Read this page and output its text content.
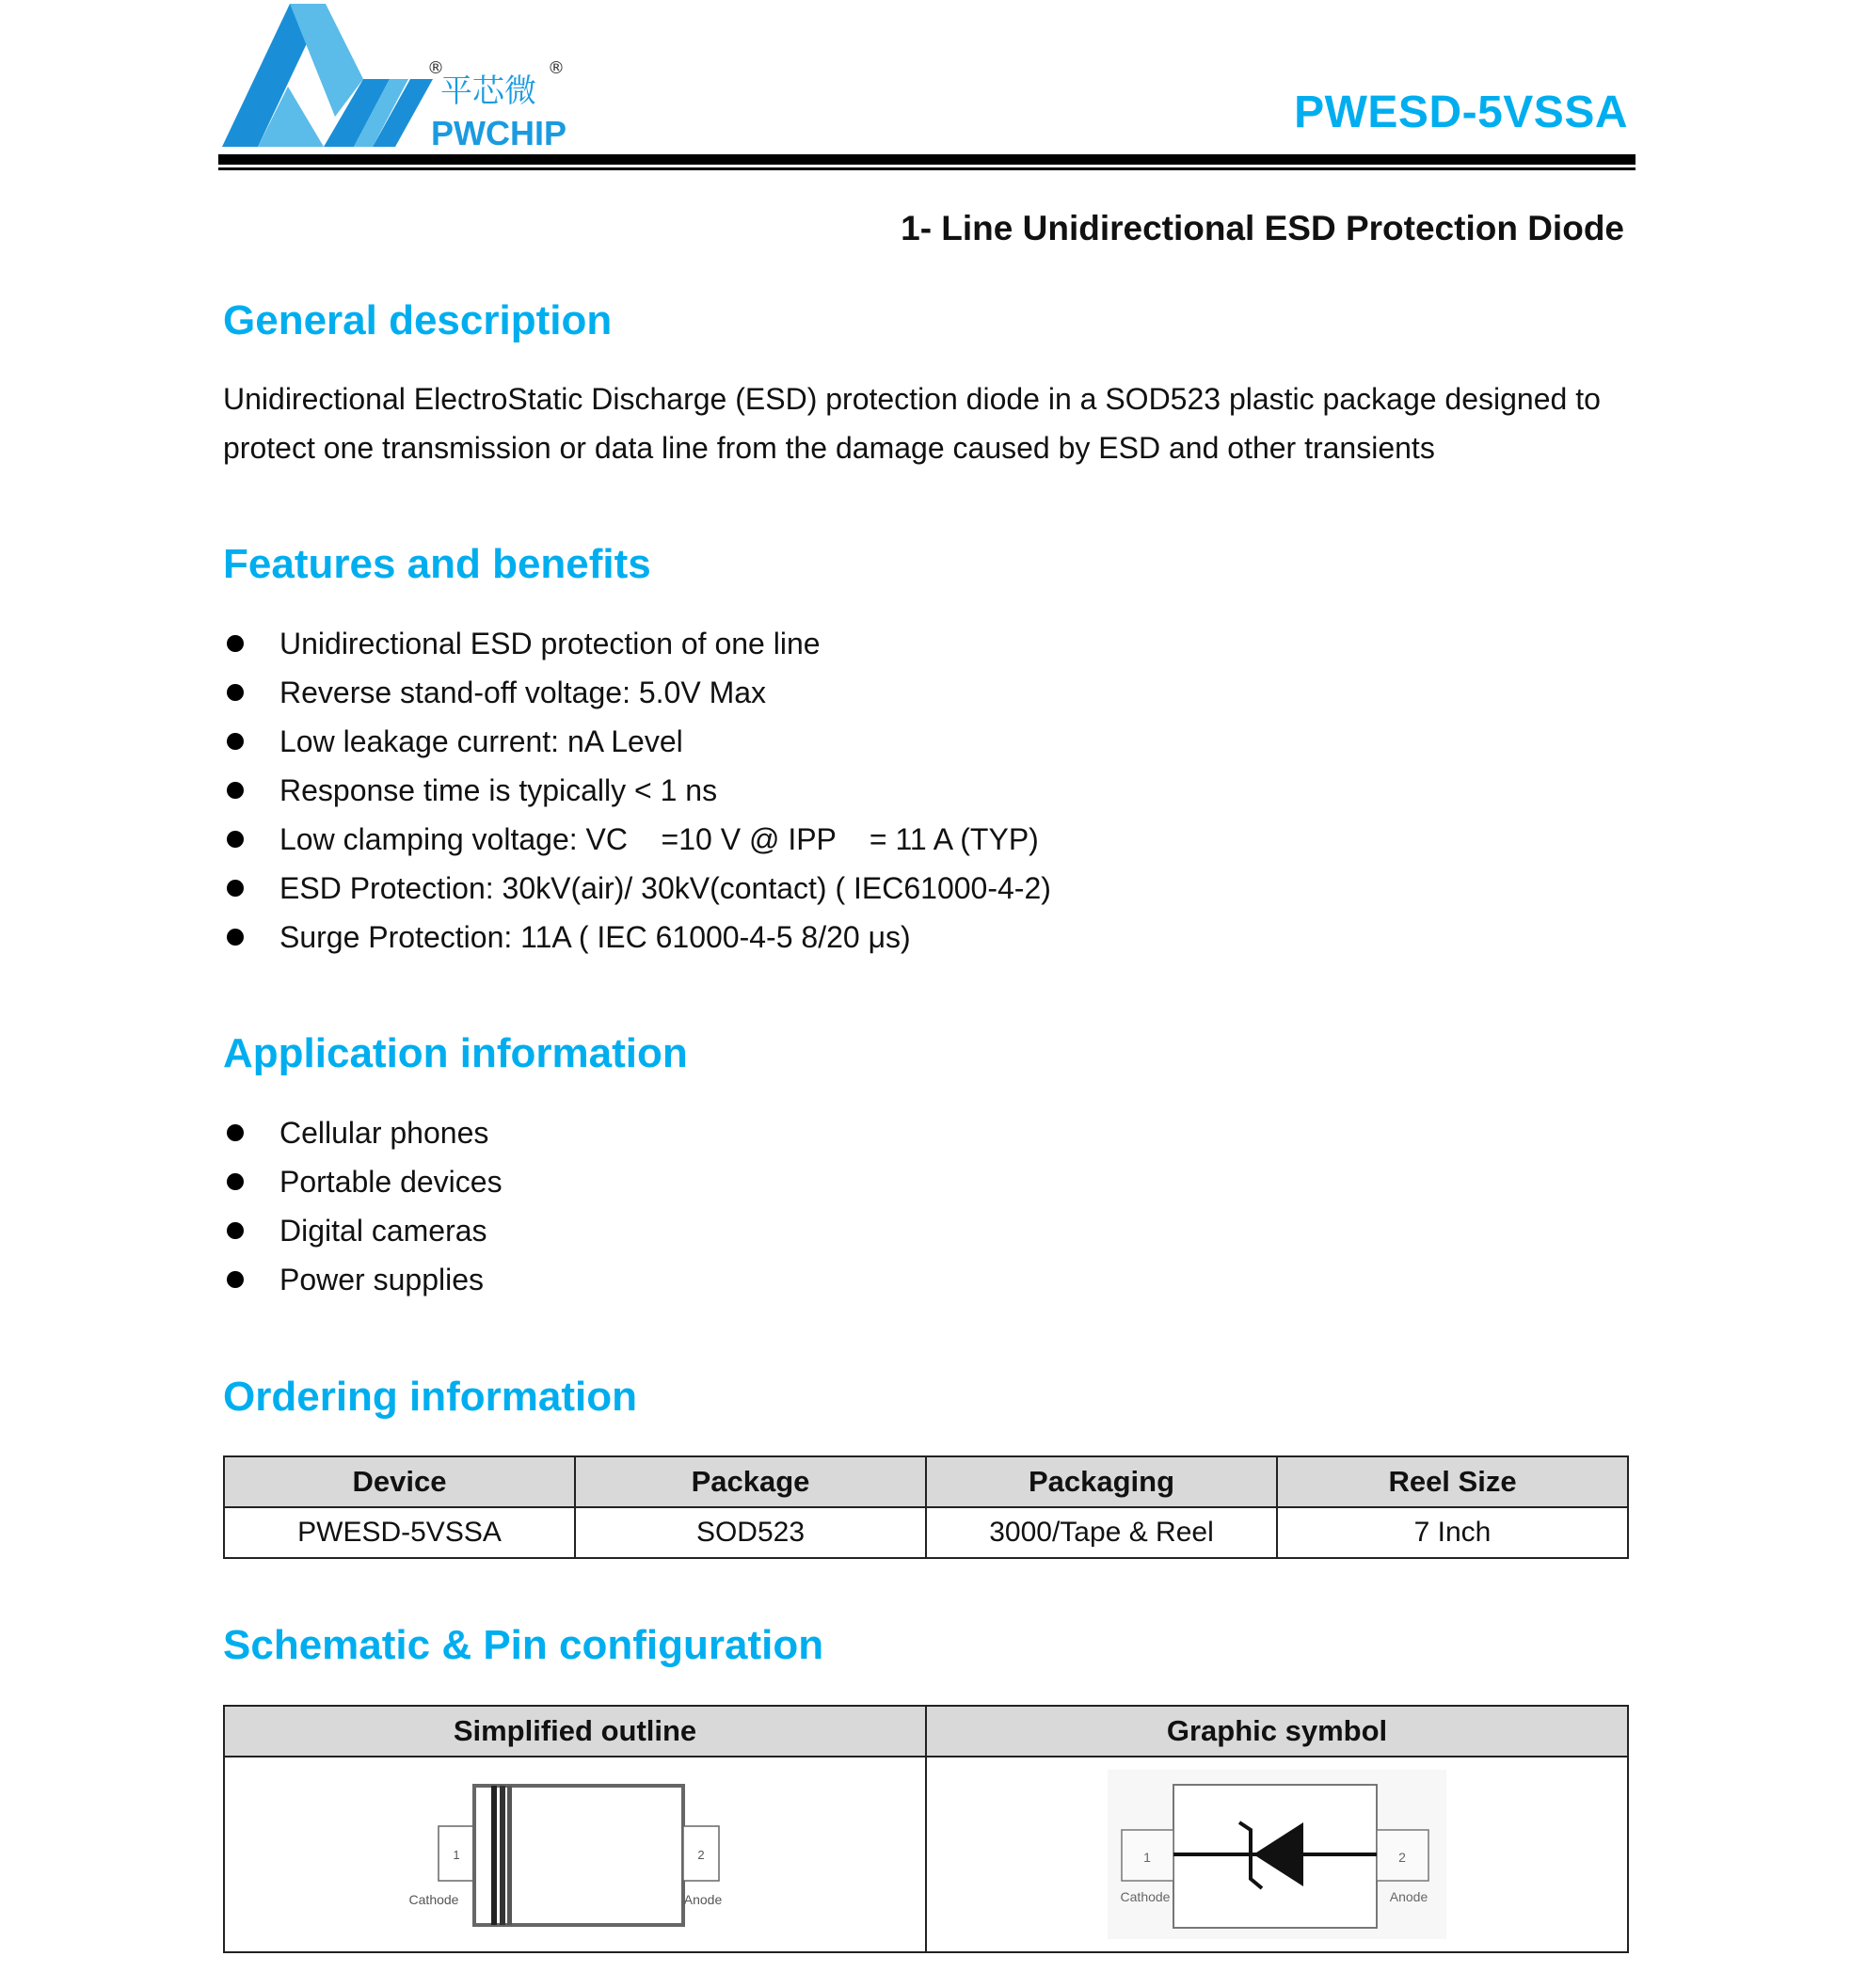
®	®
平芯微
PWCHIP	PWESD-5VSSA
1- Line Unidirectional ESD Protection Diode
General description
Unidirectional ElectroStatic Discharge (ESD) protection diode in a SOD523 plastic package designed to protect one transmission or data line from the damage caused by ESD and other transients
Features and benefits
Unidirectional ESD protection of one line
Reverse stand-off voltage: 5.0V Max
Low leakage current: nA Level
Response time is typically < 1 ns
Low clamping voltage: VC    =10 V @ IPP    = 11 A (TYP)
ESD Protection: 30kV(air)/ 30kV(contact) ( IEC61000-4-2)
Surge Protection: 11A ( IEC 61000-4-5 8/20 μs)
Application information
Cellular phones
Portable devices
Digital cameras
Power supplies
Ordering information
Device	Package	Packaging	Reel Size
PWESD-5VSSA	SOD523	3000/Tape & Reel	7 Inch
Schematic & Pin configuration
Simplified outline	Graphic symbol

1
Cathode
2
Anode	1
Cathode
2
Anode
